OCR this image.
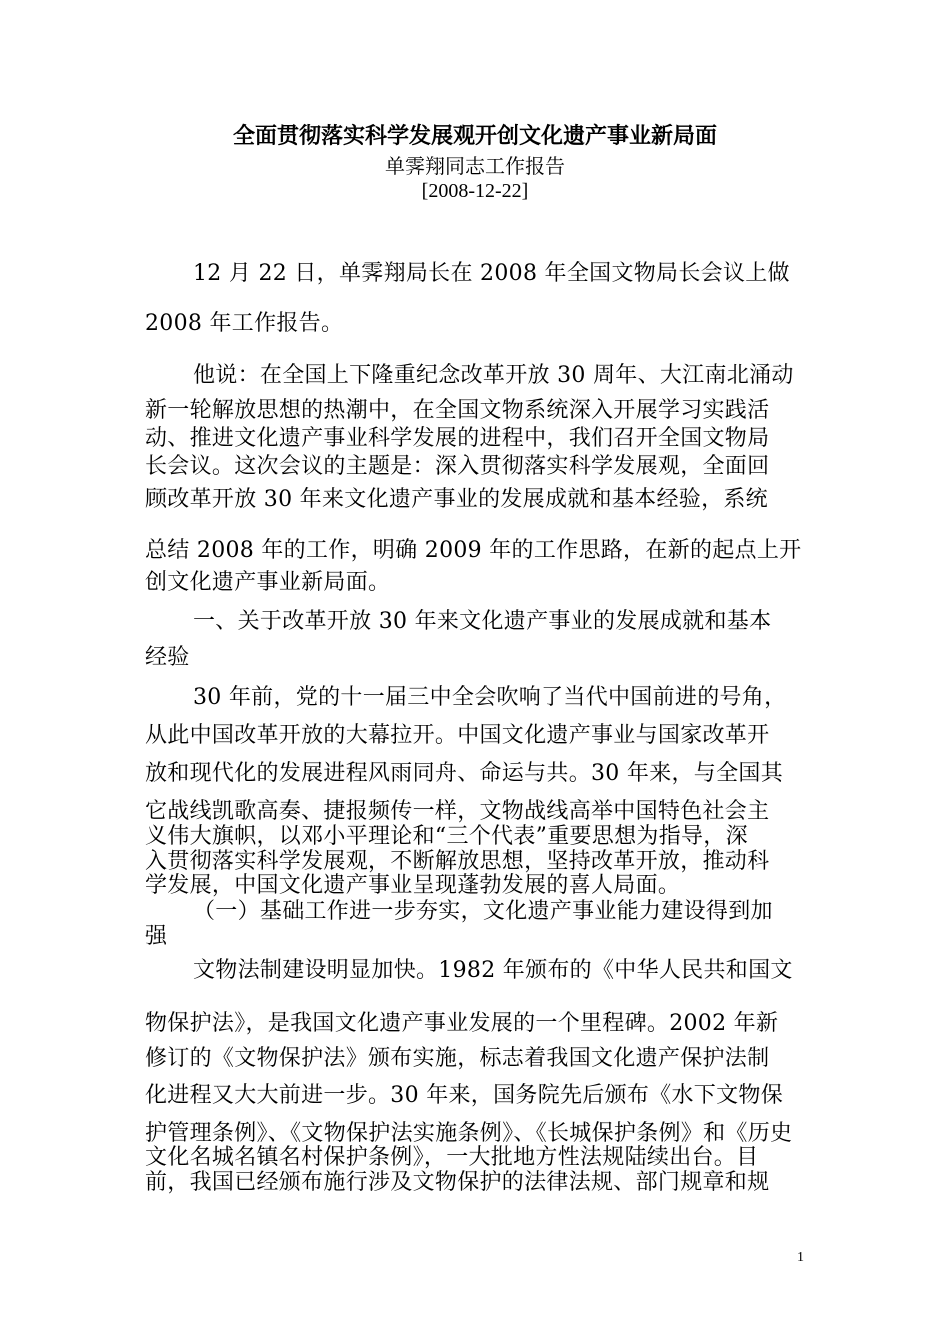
全面贯彻落实科学发展观开创文化遗产事业新局面
单霁翔同志工作报告
[2008-12-22]
12 月 22 日，单霁翔局长在 2008 年全国文物局长会议上做
2008 年工作报告。
他说：在全国上下隆重纪念改革开放 30 周年、大江南北涌动
新一轮解放思想的热潮中，在全国文物系统深入开展学习实践活
动、推进文化遗产事业科学发展的进程中，我们召开全国文物局
长会议。这次会议的主题是：深入贯彻落实科学发展观，全面回
顾改革开放 30 年来文化遗产事业的发展成就和基本经验，系统
总结 2008 年的工作，明确 2009 年的工作思路，在新的起点上开
创文化遗产事业新局面。
一、关于改革开放 30 年来文化遗产事业的发展成就和基本
经验
30 年前，党的十一届三中全会吹响了当代中国前进的号角，
从此中国改革开放的大幕拉开。中国文化遗产事业与国家改革开
放和现代化的发展进程风雨同舟、命运与共。30 年来，与全国其
它战线凯歌高奏、捷报频传一样，文物战线高举中国特色社会主
义伟大旗帜，以邓小平理论和“三个代表”重要思想为指导，深
入贯彻落实科学发展观，不断解放思想，坚持改革开放，推动科
学发展，中国文化遗产事业呈现蓬勃发展的喜人局面。
（一）基础工作进一步夯实，文化遗产事业能力建设得到加
强
文物法制建设明显加快。1982 年颁布的《中华人民共和国文
物保护法》，是我国文化遗产事业发展的一个里程碑。2002 年新
修订的《文物保护法》颁布实施，标志着我国文化遗产保护法制
化进程又大大前进一步。30 年来，国务院先后颁布《水下文物保
护管理条例》、《文物保护法实施条例》、《长城保护条例》和《历史
文化名城名镇名村保护条例》，一大批地方性法规陆续出台。目
前，我国已经颁布施行涉及文物保护的法律法规、部门规章和规
1
